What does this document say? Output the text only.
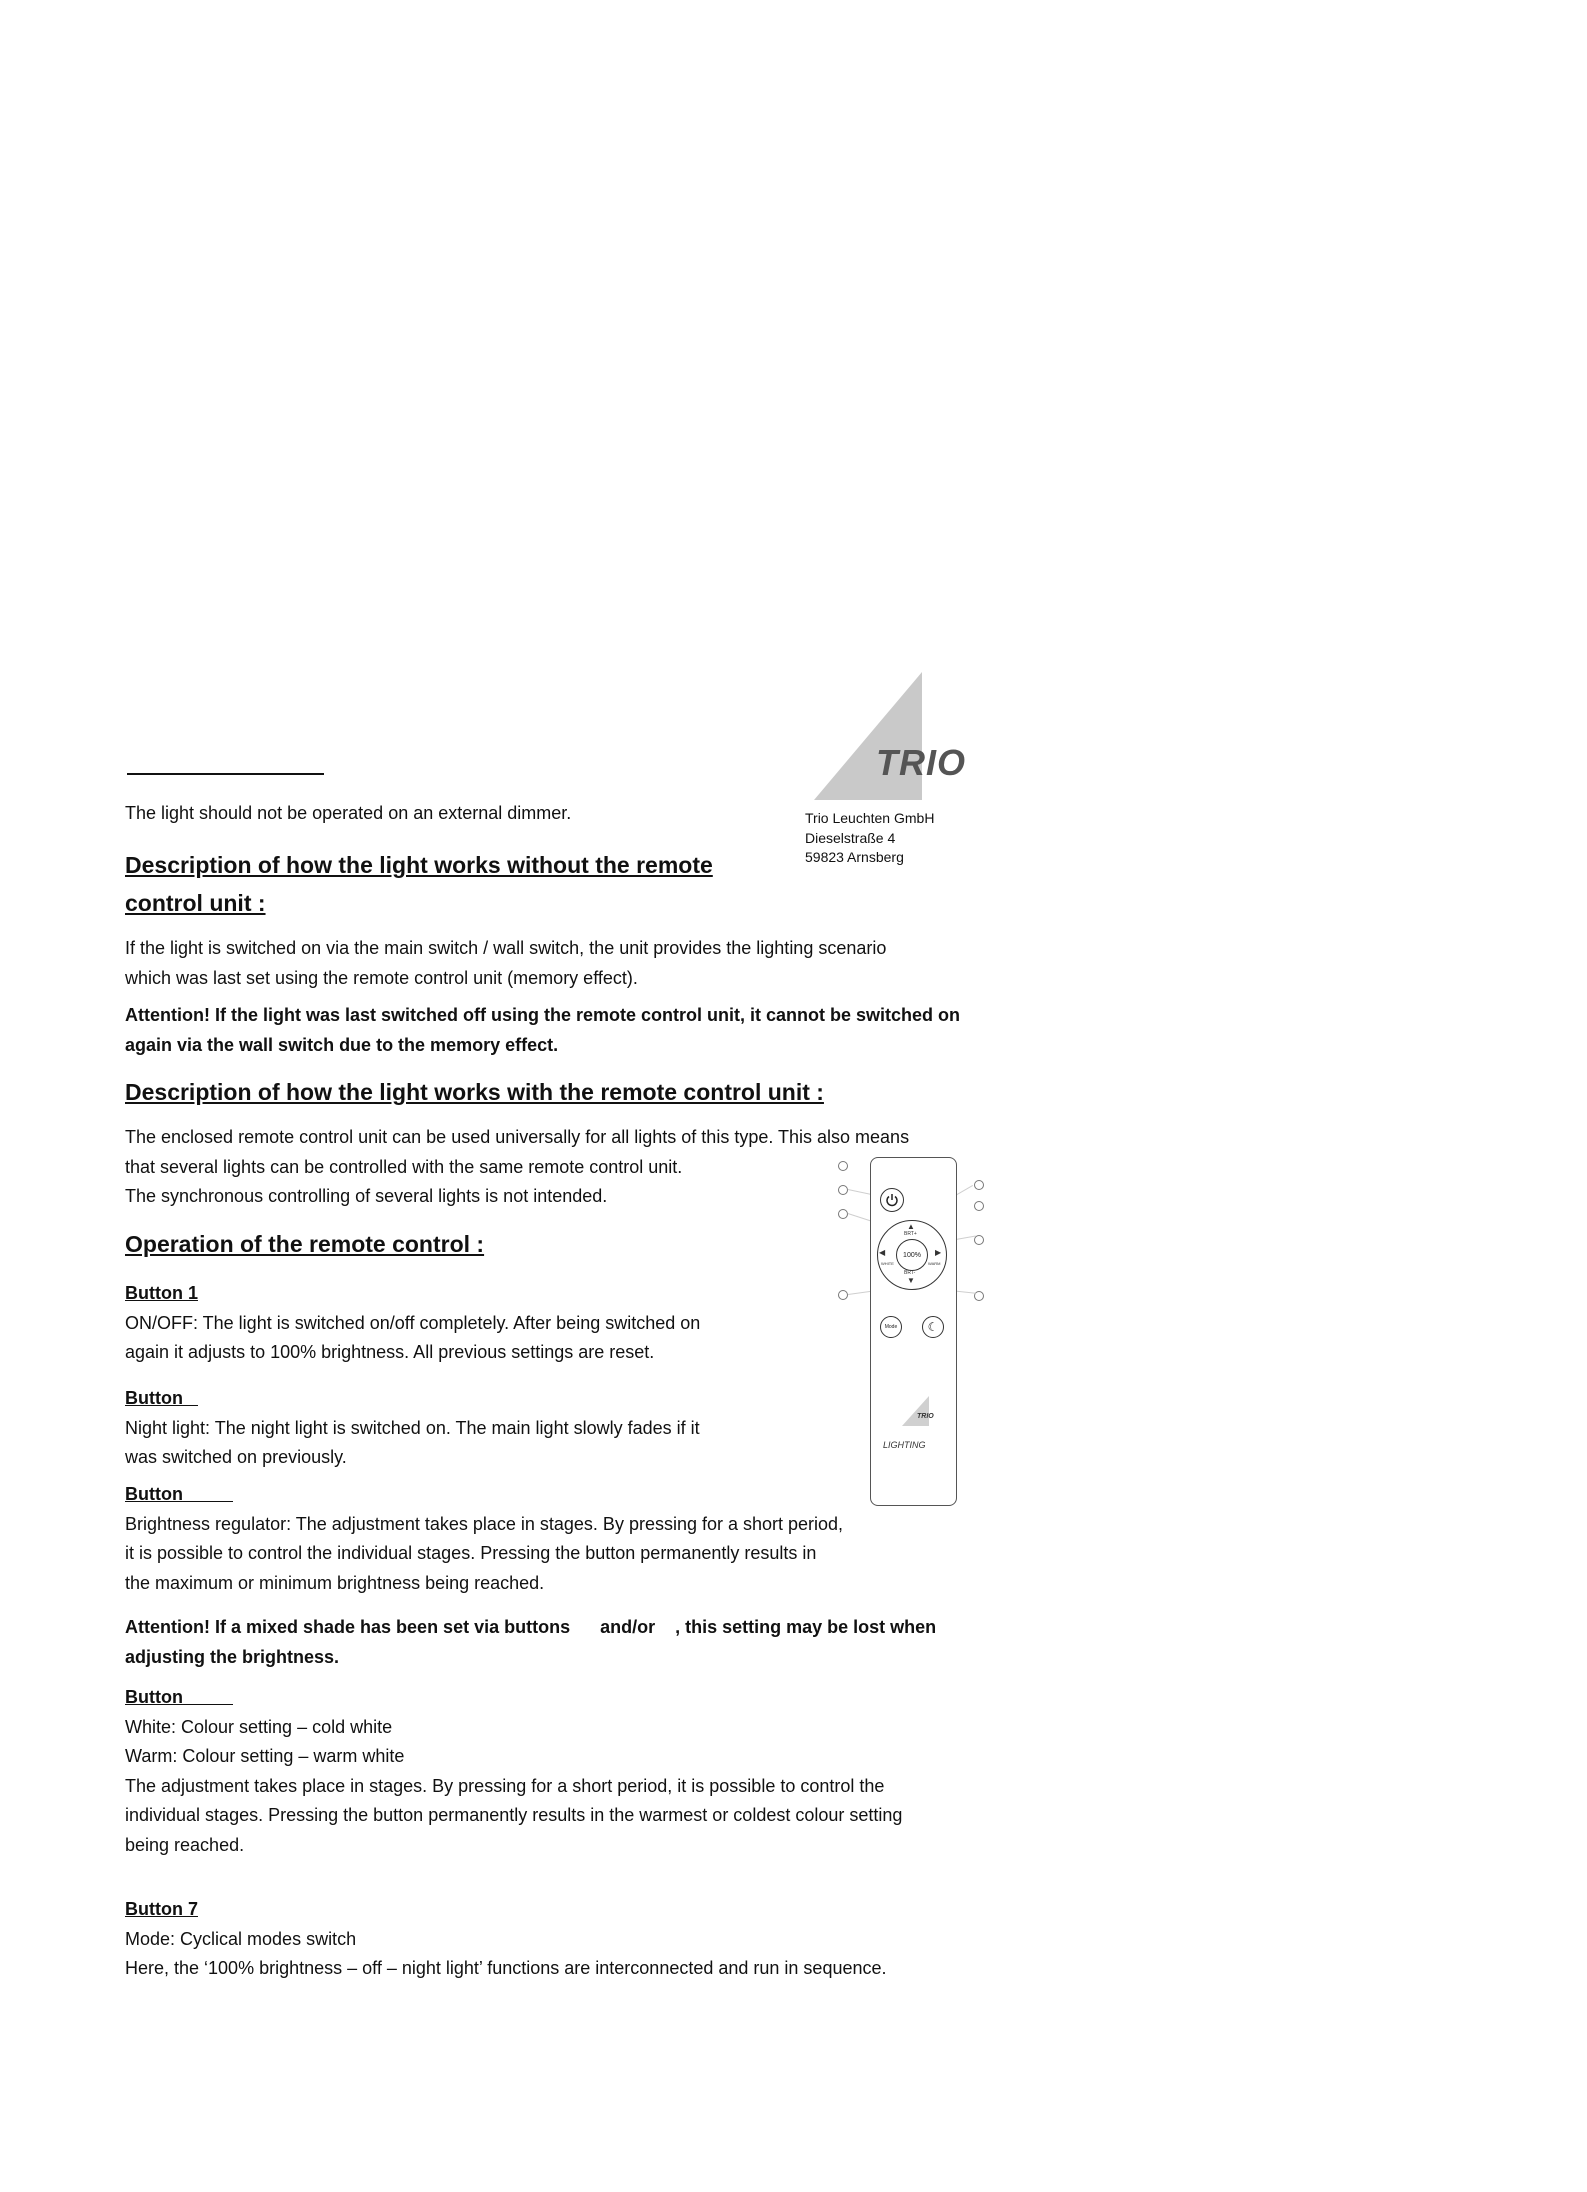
TRIO
Trio Leuchten GmbH
Dieselstraße 4
59823 Arnsberg

The light should not be operated on an external dimmer.

Description of how the light works without the remote

control unit :

If the light is switched on via the main switch / wall switch, the unit provides the lighting scenario

which was last set using the remote control unit (memory effect).

Attention! If the light was last switched off using the remote control unit, it cannot be switched on

again via the wall switch due to the memory effect.

Description of how the light works with the remote control unit :

The enclosed remote control unit can be used universally for all lights of this type. This also means

that several lights can be controlled with the same remote control unit.

The synchronous controlling of several lights is not intended.

Operation of the remote control :

Button 1

ON/OFF: The light is switched on/off completely. After being switched on

again it adjusts to 100% brightness. All previous settings are reset.

Button

Night light: The night light is switched on. The main light slowly fades if it

was switched on previously.

Button

Brightness regulator: The adjustment takes place in stages. By pressing for a short period,

it is possible to control the individual stages. Pressing the button permanently results in

the maximum or minimum brightness being reached.

Attention! If a mixed shade has been set via buttons and/or , this setting may be lost when

adjusting the brightness.

Button

White: Colour setting – cold white

Warm: Colour setting – warm white

The adjustment takes place in stages. By pressing for a short period, it is possible to control the

individual stages. Pressing the button permanently results in the warmest or coldest colour setting

being reached.

Button 7

Mode: Cyclical modes switch

Here, the ‘100% brightness – off – night light’ functions are interconnected and run in sequence.

100%
▲
BRT+
▼
BRT-
◀
WHITE
▶
WARM
Mode	☾
TRIO
LIGHTING
